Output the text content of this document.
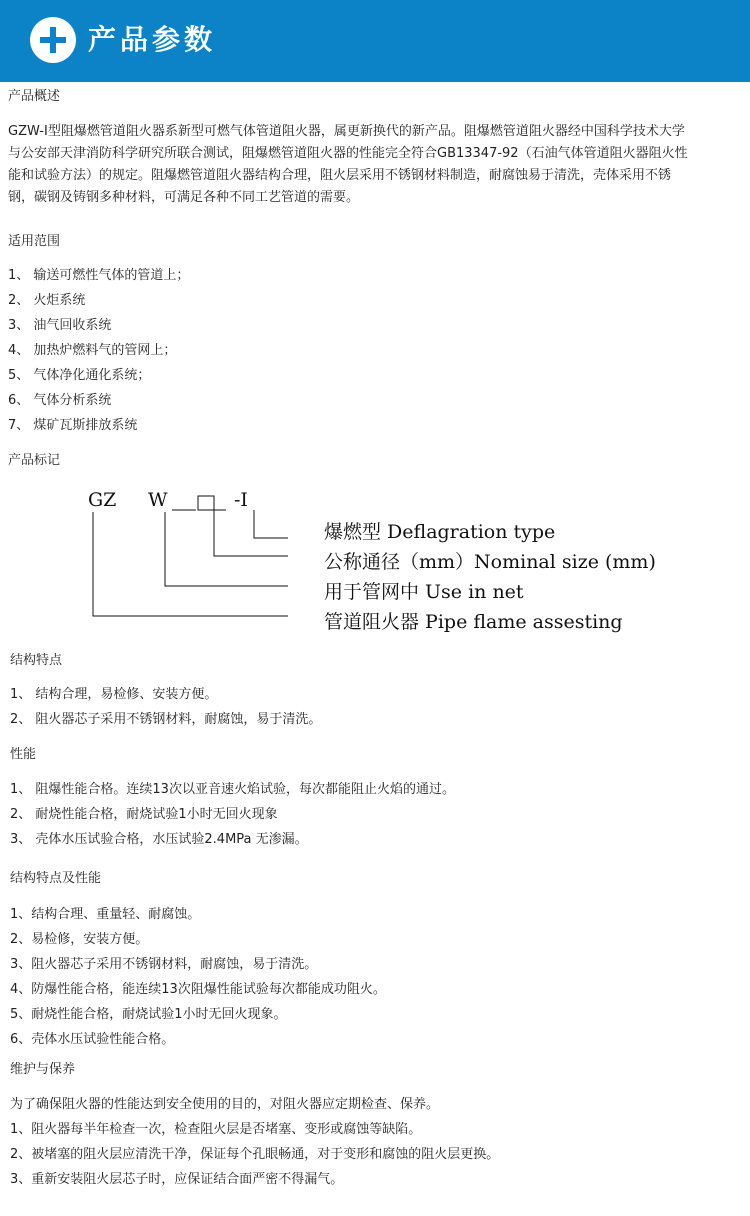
产品参数
产品概述

GZW-I型阻爆燃管道阻火器系新型可燃气体管道阻火器，属更新换代的新产品。阻爆燃管道阻火器经中国科学技术大学

与公安部天津消防科学研究所联合测试，阻爆燃管道阻火器的性能完全符合GB13347-92（石油气体管道阻火器阻火性

能和试验方法）的规定。阻爆燃管道阻火器结构合理，阻火层采用不锈钢材料制造，耐腐蚀易于清洗，壳体采用不锈

钢，碳钢及铸钢多种材料，可满足各种不同工艺管道的需要。

适用范围
1、 输送可燃性气体的管道上；
2、 火炬系统
3、 油气回收系统
4、 加热炉燃料气的管网上；
5、 气体净化通化系统；
6、 气体分析系统
7、 煤矿瓦斯排放系统
产品标记
GZ W	-I
爆燃型 Deflagration type
公称通径（mm）Nominal size (mm)
用于管网中 Use in net
管道阻火器 Pipe flame assesting
结构特点
1、 结构合理，易检修、安装方便。
2、 阻火器芯子采用不锈钢材料，耐腐蚀，易于清洗。
性能
1、 阻爆性能合格。连续13次以亚音速火焰试验，每次都能阻止火焰的通过。
2、 耐烧性能合格，耐烧试验1小时无回火现象
3、 壳体水压试验合格，水压试验2.4MPa 无渗漏。
结构特点及性能
1、结构合理、重量轻、耐腐蚀。
2、易检修，安装方便。
3、阻火器芯子采用不锈钢材料，耐腐蚀，易于清洗。
4、防爆性能合格，能连续13次阻爆性能试验每次都能成功阻火。
5、耐烧性能合格，耐烧试验1小时无回火现象。
6、壳体水压试验性能合格。
维护与保养
为了确保阻火器的性能达到安全使用的目的，对阻火器应定期检查、保养。
1、阻火器每半年检查一次，检查阻火层是否堵塞、变形或腐蚀等缺陷。
2、被堵塞的阻火层应清洗干净，保证每个孔眼畅通，对于变形和腐蚀的阻火层更换。
3、重新安装阻火层芯子时，应保证结合面严密不得漏气。
